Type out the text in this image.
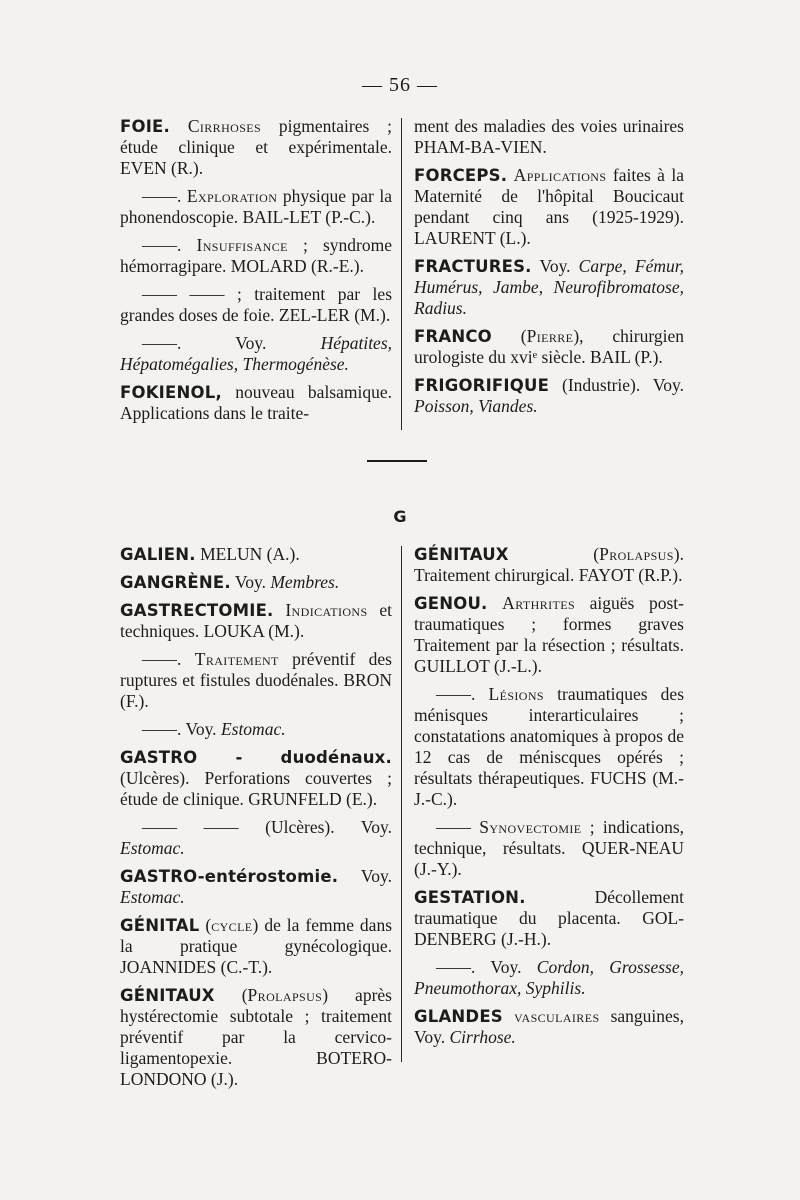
— 56 —

FOIE. Cirrhoses pigmentaires ; étude clinique et expérimentale. EVEN (R.).

——. Exploration physique par la phonendoscopie. BAIL-LET (P.-C.).

——. Insuffisance ; syndrome hémorragipare. MOLARD (R.-E.).

—— —— ; traitement par les grandes doses de foie. ZEL-LER (M.).

——.	Voy. Hépatites, Hépatomégalies, Thermogénèse.

FOKIENOL, nouveau balsamique. Applications dans le traite-

ment des maladies des voies urinaires PHAM-BA-VIEN.

FORCEPS. Applications faites à la Maternité de l'hôpital Boucicaut pendant cinq ans (1925-1929). LAURENT (L.).

FRACTURES. Voy. Carpe, Fémur, Humérus, Jambe, Neurofibromatose, Radius.

FRANCO (Pierre), chirurgien urologiste du xviᵉ siècle. BAIL (P.).

FRIGORIFIQUE (Industrie). Voy. Poisson, Viandes.

G

GALIEN. MELUN (A.).

GANGRÈNE. Voy. Membres.

GASTRECTOMIE. Indications et techniques. LOUKA (M.).

——. Traitement préventif des ruptures et fistules duodénales. BRON (F.).

——. Voy. Estomac.

GASTRO - duodénaux. (Ulcères). Perforations couvertes ; étude de clinique. GRUNFELD (E.).

—— —— (Ulcères). Voy. Estomac.

GASTRO-entérostomie. Voy. Estomac.

GÉNITAL (cycle) de la femme dans la pratique gynécologique. JOANNIDES (C.-T.).

GÉNITAUX (Prolapsus) après hystérectomie subtotale ; traitement préventif par la cervico-ligamentopexie. BOTERO-LONDONO (J.).

GÉNITAUX	(Prolapsus). Traitement chirurgical. FAYOT (R.P.).

GENOU. Arthrites aiguës post-traumatiques ; formes graves Traitement par la résection ; résultats. GUILLOT (J.-L.).

——. Lésions traumatiques des ménisques interarticulaires ; constatations anatomiques à propos de 12 cas de méniscques opérés ; résultats thérapeutiques. FUCHS (M.-J.-C.).

—— Synovectomie ; indications, technique, résultats. QUER-NEAU (J.-Y.).

GESTATION.	Décollement traumatique du placenta. GOL-DENBERG (J.-H.).

——. Voy. Cordon, Grossesse, Pneumothorax, Syphilis.

GLANDES vasculaires sanguines, Voy. Cirrhose.
